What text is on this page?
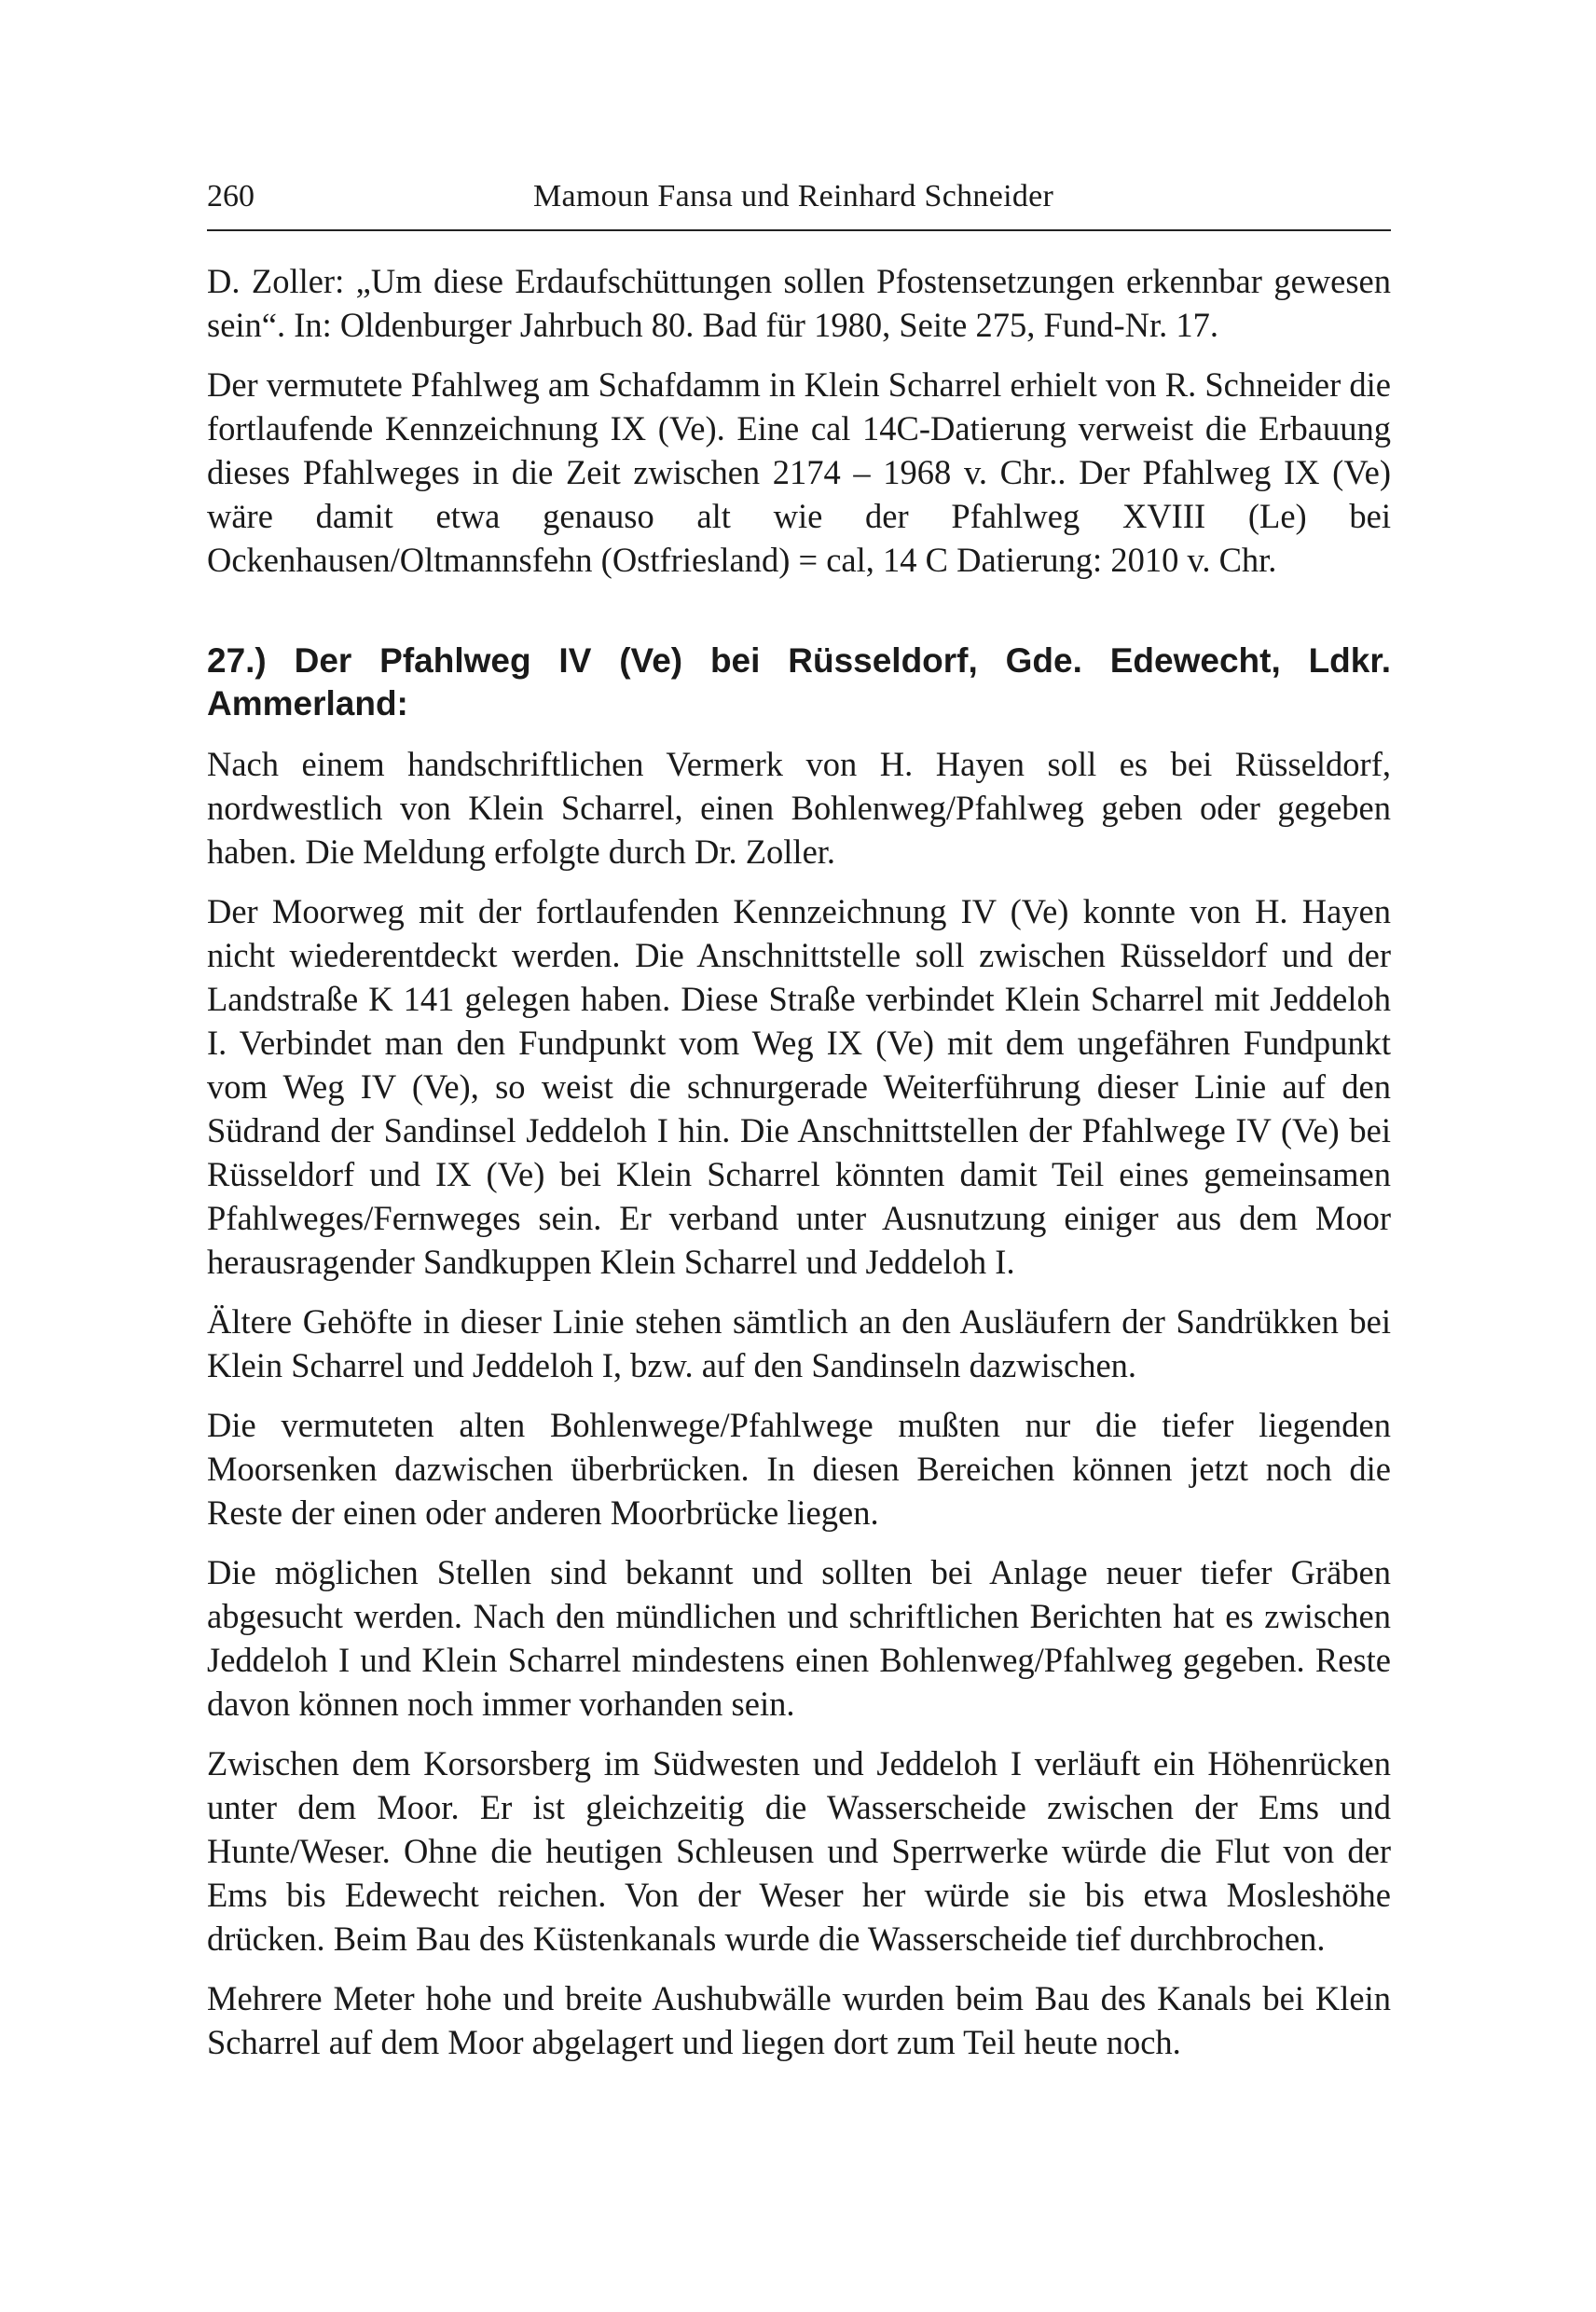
260	Mamoun Fansa und Reinhard Schneider

D. Zoller: „Um diese Erdaufschüttungen sollen Pfostensetzungen erkennbar gewesen sein“. In: Oldenburger Jahrbuch 80. Bad für 1980, Seite 275, Fund-Nr. 17.

Der vermutete Pfahlweg am Schafdamm in Klein Scharrel erhielt von R. Schneider die fortlaufende Kennzeichnung IX (Ve). Eine cal 14C-Datierung verweist die Erbauung dieses Pfahlweges in die Zeit zwischen 2174 – 1968 v. Chr.. Der Pfahlweg IX (Ve) wäre damit etwa genauso alt wie der Pfahlweg XVIII (Le) bei Ockenhausen/Oltmannsfehn (Ostfriesland) = cal, 14 C Datierung: 2010 v. Chr.

27.) Der Pfahlweg IV (Ve) bei Rüsseldorf, Gde. Edewecht, Ldkr. Ammerland:

Nach einem handschriftlichen Vermerk von H. Hayen soll es bei Rüsseldorf, nordwestlich von Klein Scharrel, einen Bohlenweg/Pfahlweg geben oder gegeben haben. Die Meldung erfolgte durch Dr. Zoller.

Der Moorweg mit der fortlaufenden Kennzeichnung IV (Ve) konnte von H. Hayen nicht wiederentdeckt werden. Die Anschnittstelle soll zwischen Rüsseldorf und der Landstraße K 141 gelegen haben. Diese Straße verbindet Klein Scharrel mit Jeddeloh I. Verbindet man den Fundpunkt vom Weg IX (Ve) mit dem ungefähren Fundpunkt vom Weg IV (Ve), so weist die schnurgerade Weiterführung dieser Linie auf den Südrand der Sandinsel Jeddeloh I hin. Die Anschnittstellen der Pfahlwege IV (Ve) bei Rüsseldorf und IX (Ve) bei Klein Scharrel könnten damit Teil eines gemeinsamen Pfahlweges/Fernweges sein. Er verband unter Ausnutzung einiger aus dem Moor herausragender Sandkuppen Klein Scharrel und Jeddeloh I.

Ältere Gehöfte in dieser Linie stehen sämtlich an den Ausläufern der Sandrükken bei Klein Scharrel und Jeddeloh I, bzw. auf den Sandinseln dazwischen.

Die vermuteten alten Bohlenwege/Pfahlwege mußten nur die tiefer liegenden Moorsenken dazwischen überbrücken. In diesen Bereichen können jetzt noch die Reste der einen oder anderen Moorbrücke liegen.

Die möglichen Stellen sind bekannt und sollten bei Anlage neuer tiefer Gräben abgesucht werden. Nach den mündlichen und schriftlichen Berichten hat es zwischen Jeddeloh I und Klein Scharrel mindestens einen Bohlenweg/Pfahlweg gegeben. Reste davon können noch immer vorhanden sein.

Zwischen dem Korsorsberg im Südwesten und Jeddeloh I verläuft ein Höhenrücken unter dem Moor. Er ist gleichzeitig die Wasserscheide zwischen der Ems und Hunte/Weser. Ohne die heutigen Schleusen und Sperrwerke würde die Flut von der Ems bis Edewecht reichen. Von der Weser her würde sie bis etwa Mosleshöhe drücken. Beim Bau des Küstenkanals wurde die Wasserscheide tief durchbrochen.

Mehrere Meter hohe und breite Aushubwälle wurden beim Bau des Kanals bei Klein Scharrel auf dem Moor abgelagert und liegen dort zum Teil heute noch.
